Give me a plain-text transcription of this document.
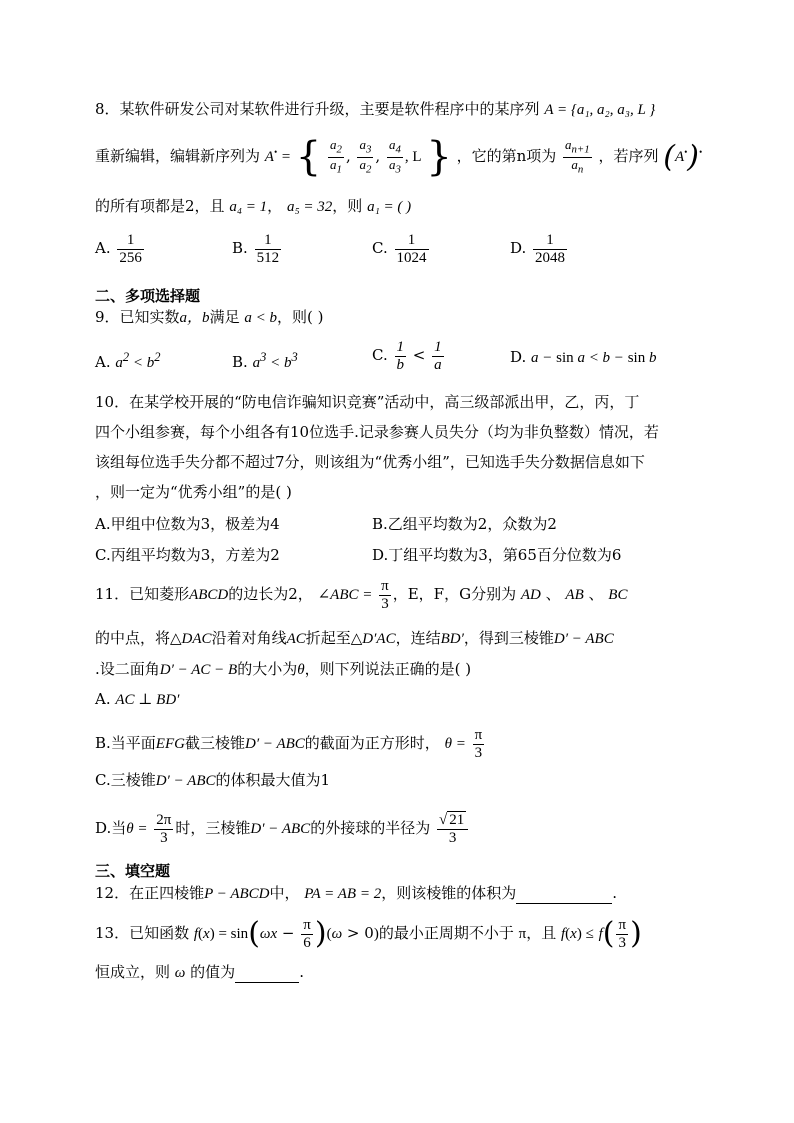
8．某软件研发公司对某软件进行升级，主要是软件程序中的某序列 A = {a₁, a₂, a₃, L }
重新编辑，编辑新序列为 A• = { $\frac{a_2}{a_1}$ , $\frac{a_3}{a_2}$ , $\frac{a_4}{a_3}$ , L } ，它的第n项为 $\frac{a_{n+1}}{a_n}$ ，若序列 (A•)•
的所有项都是2，且 a₄ = 1， a₅ = 32，则 a₁ = ( )
A. $\frac{1}{256}$	B. $\frac{1}{512}$	C. $\frac{1}{1024}$	D. $\frac{1}{2048}$
二、多项选择题
9．已知实数a，b满足 a < b，则( )
A. $a^2 < b^2$	B. $a^3 < b^3$	C. $\frac{1}{b} < \frac{1}{a}$	D. a − sin a < b − sin b
10．在某学校开展的“防电信诈骗知识竞赛”活动中，高三级部派出甲，乙，丙，丁
四个小组参赛，每个小组各有10位选手.记录参赛人员失分（均为非负整数）情况，若
该组每位选手失分都不超过7分，则该组为“优秀小组”，已知选手失分数据信息如下
，则一定为“优秀小组”的是( )
A.甲组中位数为3，极差为4	B.乙组平均数为2，众数为2
C.丙组平均数为3，方差为2	D.丁组平均数为3，第65百分位数为6
11．已知菱形ABCD的边长为2， ∠ABC = $\frac{\pi}{3}$ ，E，F，G分别为 AD 、 AB 、 BC
的中点，将△DAC沿着对角线AC折起至△D′AC，连结BD′，得到三棱锥D′ − ABC
.设二面角D′ − AC − B的大小为θ，则下列说法正确的是( )
A. AC ⊥ BD′
B.当平面EFG截三棱锥D′ − ABC的截面为正方形时， $\theta = \frac{\pi}{3}$
C.三棱锥D′ − ABC的体积最大值为1
D.当$\theta = \frac{2\pi}{3}$ 时，三棱锥D′ − ABC的外接球的半径为 $\frac{√ 21}{3}$
三、填空题
12．在正四棱锥P − ABCD中， PA = AB = 2，则该棱锥的体积为	.
13．已知函数 $f(x) = \sin(\omega x - \frac{\pi}{6} )(\omega > 0)$的最小正周期不小于 π，且 $f(x) \le f( \frac{\pi}{3}$ )
恒成立，则 ω 的值为	.
